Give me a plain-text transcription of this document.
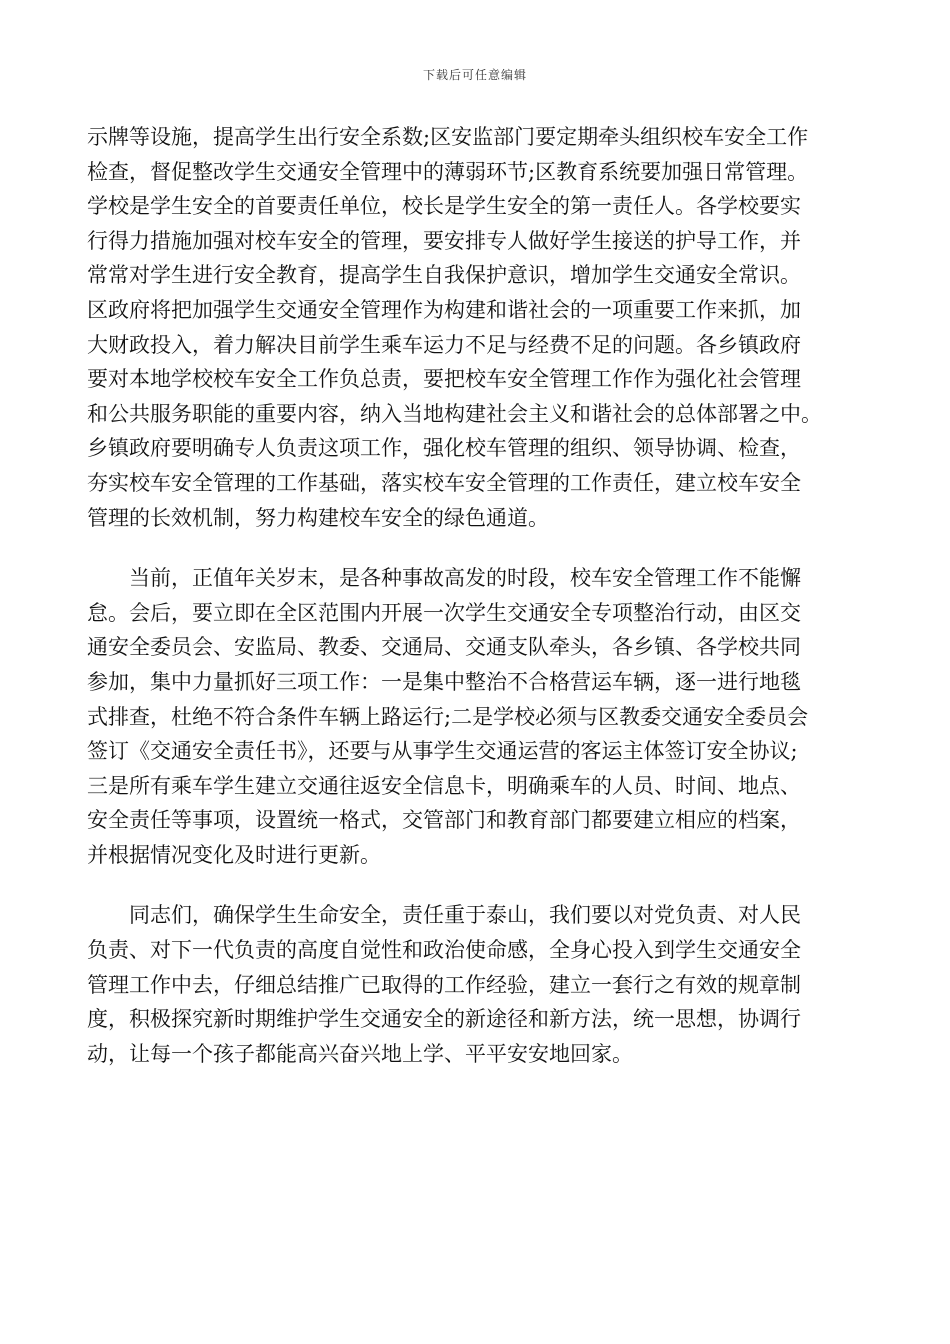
下载后可任意编辑

示牌等设施，提高学生出行安全系数;区安监部门要定期牵头组织校车安全工作
检查，督促整改学生交通安全管理中的薄弱环节;区教育系统要加强日常管理。
学校是学生安全的首要责任单位，校长是学生安全的第一责任人。各学校要实
行得力措施加强对校车安全的管理，要安排专人做好学生接送的护导工作，并
常常对学生进行安全教育，提高学生自我保护意识，增加学生交通安全常识。
区政府将把加强学生交通安全管理作为构建和谐社会的一项重要工作来抓，加
大财政投入，着力解决目前学生乘车运力不足与经费不足的问题。各乡镇政府
要对本地学校校车安全工作负总责，要把校车安全管理工作作为强化社会管理
和公共服务职能的重要内容，纳入当地构建社会主义和谐社会的总体部署之中。
乡镇政府要明确专人负责这项工作，强化校车管理的组织、领导协调、检查，
夯实校车安全管理的工作基础，落实校车安全管理的工作责任，建立校车安全
管理的长效机制，努力构建校车安全的绿色通道。

　　当前，正值年关岁末，是各种事故高发的时段，校车安全管理工作不能懈
怠。会后，要立即在全区范围内开展一次学生交通安全专项整治行动，由区交
通安全委员会、安监局、教委、交通局、交通支队牵头，各乡镇、各学校共同
参加，集中力量抓好三项工作：一是集中整治不合格营运车辆，逐一进行地毯
式排查，杜绝不符合条件车辆上路运行;二是学校必须与区教委交通安全委员会
签订《交通安全责任书》，还要与从事学生交通运营的客运主体签订安全协议;
三是所有乘车学生建立交通往返安全信息卡，明确乘车的人员、时间、地点、
安全责任等事项，设置统一格式，交管部门和教育部门都要建立相应的档案，
并根据情况变化及时进行更新。

　　同志们，确保学生生命安全，责任重于泰山，我们要以对党负责、对人民
负责、对下一代负责的高度自觉性和政治使命感，全身心投入到学生交通安全
管理工作中去，仔细总结推广已取得的工作经验，建立一套行之有效的规章制
度，积极探究新时期维护学生交通安全的新途径和新方法，统一思想，协调行
动，让每一个孩子都能高兴奋兴地上学、平平安安地回家。
